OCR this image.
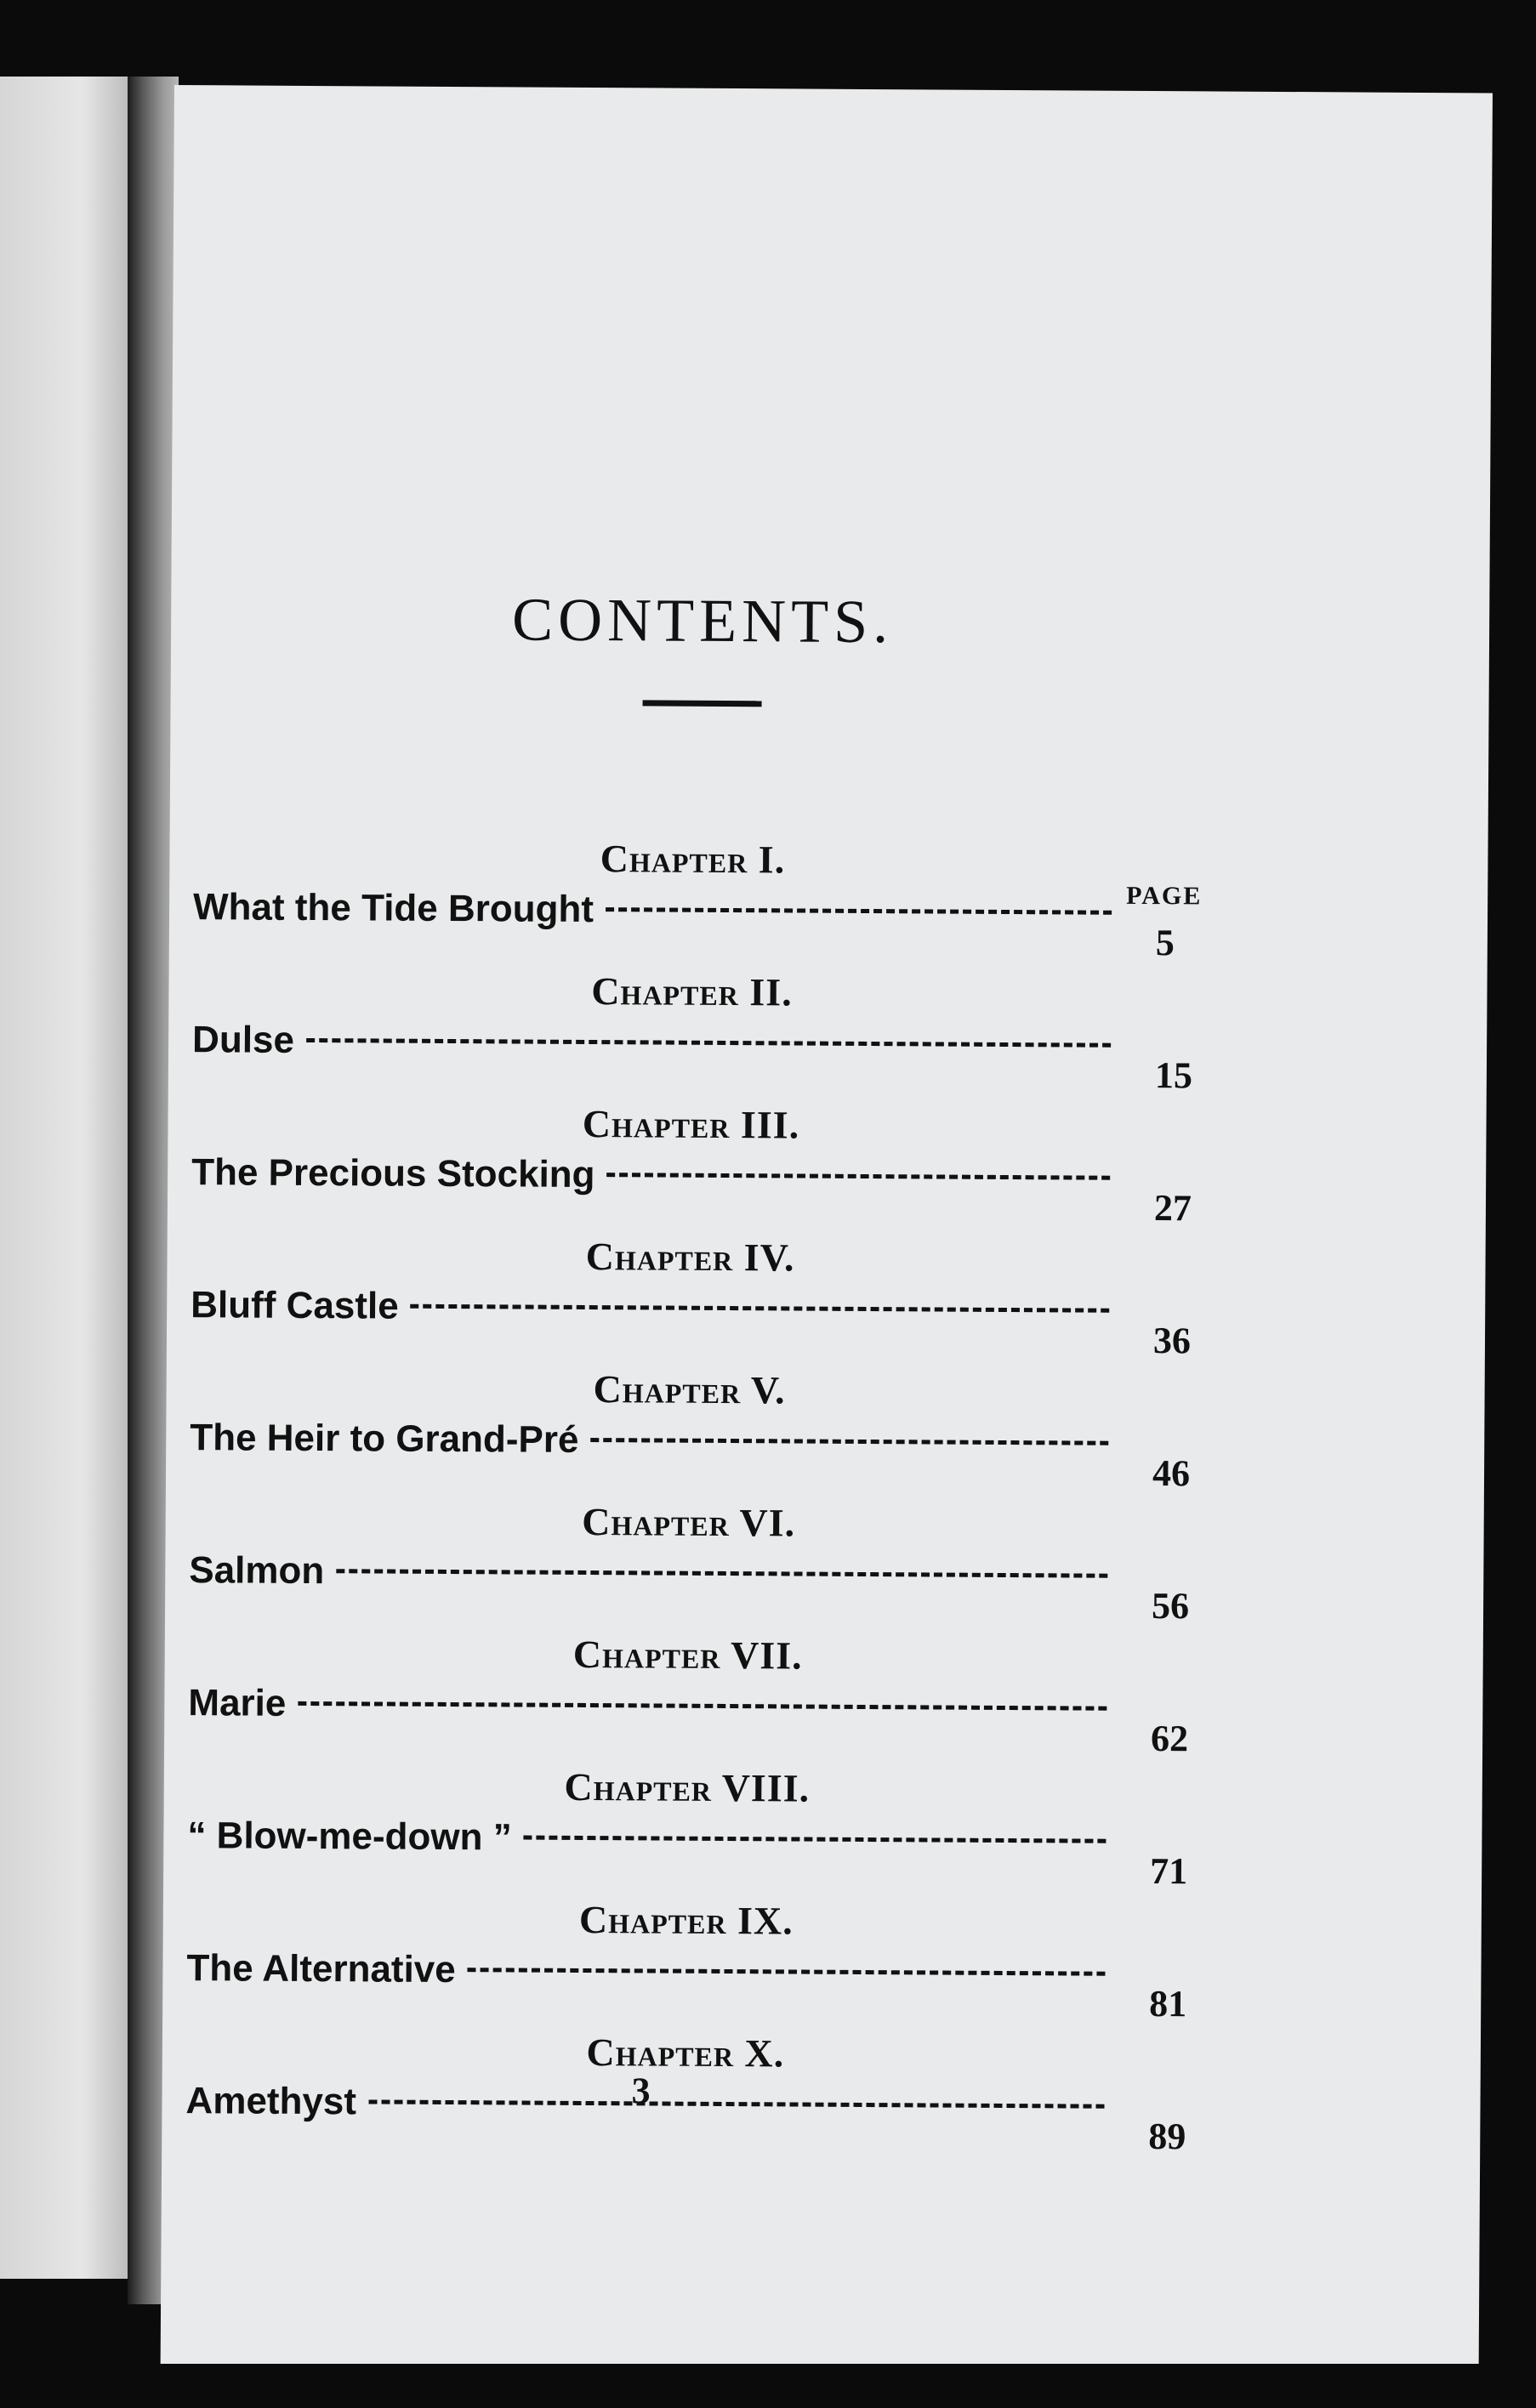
CONTENTS.
PAGE
Chapter I.
What the Tide Brought
5
Chapter II.
Dulse
15
Chapter III.
The Precious Stocking
27
Chapter IV.
Bluff Castle
36
Chapter V.
The Heir to Grand-Pré
46
Chapter VI.
Salmon
56
Chapter VII.
Marie
62
Chapter VIII.
“ Blow-me-down ”
71
Chapter IX.
The Alternative
81
Chapter X.
Amethyst
89
3
